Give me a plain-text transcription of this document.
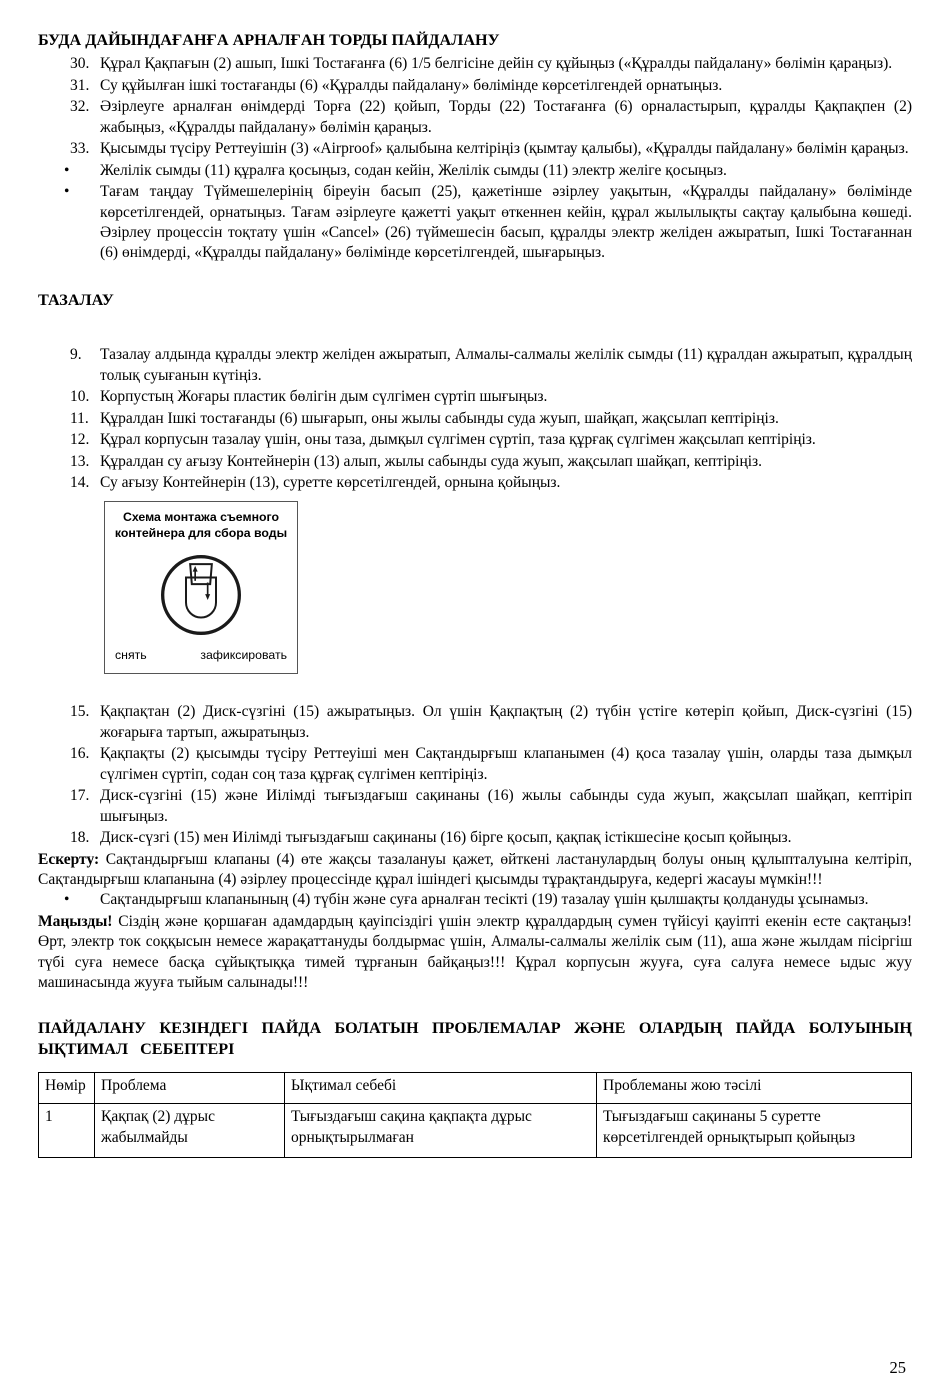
БУДА ДАЙЫНДАҒАНҒА АРНАЛҒАН ТОРДЫ ПАЙДАЛАНУ
30. Құрал Қақпағын (2) ашып, Ішкі Тостағанға (6) 1/5 белгісіне дейін су құйыңыз («Құралды пайдалану» бөлімін қараңыз).
31. Су құйылған ішкі тостағанды (6) «Құралды пайдалану» бөлімінде көрсетілгендей орнатыңыз.
32. Әзірлеуге арналған өнімдерді Торға (22) қойып, Торды (22) Тостағанға (6) орналастырып, құралды Қақпақпен (2) жабыңыз, «Құралды пайдалану» бөлімін қараңыз.
33. Қысымды түсіру Реттеуішін (3) «Airproof» қалыбына келтіріңіз (қымтау қалыбы), «Құралды пайдалану» бөлімін қараңыз.
•	Желілік сымды (11) құралға қосыңыз, содан кейін, Желілік сымды (11) электр желіге қосыңыз.
•	Тағам таңдау Түймешелерінің біреуін басып (25), қажетінше әзірлеу уақытын, «Құралды пайдалану» бөлімінде көрсетілгендей, орнатыңыз. Тағам әзірлеуге қажетті уақыт өткеннен кейін, құрал жылылықты сақтау қалыбына көшеді. Әзірлеу процессін тоқтату үшін «Cancel» (26) түймешесін басып, құралды электр желіден ажыратып, Ішкі Тостағаннан (6) өнімдерді, «Құралды пайдалану» бөлімінде көрсетілгендей, шығарыңыз.
ТАЗАЛАУ
9.	Тазалау алдында құралды электр желіден ажыратып, Алмалы-салмалы желілік сымды (11) құралдан ажыратып, құралдың толық суығанын күтіңіз.
10. Корпустың Жоғары пластик бөлігін дым сүлгімен сүртіп шығыңыз.
11. Құралдан Ішкі тостағанды (6) шығарып, оны жылы сабынды суда жуып, шайқап, жақсылап кептіріңіз.
12. Құрал корпусын тазалау үшін, оны таза, дымқыл сүлгімен сүртіп, таза құрғақ сүлгімен жақсылап кептіріңіз.
13. Құралдан су ағызу Контейнерін (13) алып, жылы сабынды суда жуып, жақсылап шайқап, кептіріңіз.
14. Су ағызу Контейнерін (13), суретте көрсетілгендей, орнына қойыңыз.
Схема монтажа съемного контейнера для сбора воды
снять	зафиксировать
15. Қақпақтан (2) Диск-сүзгіні (15) ажыратыңыз. Ол үшін Қақпақтың (2) түбін үстіге көтеріп қойып, Диск-сүзгіні (15) жоғарыға тартып, ажыратыңыз.
16. Қақпақты (2) қысымды түсіру Реттеуіші мен Сақтандырғыш клапанымен (4) қоса тазалау үшін, оларды таза дымқыл сүлгімен сүртіп, содан соң таза құрғақ сүлгімен кептіріңіз.
17. Диск-сүзгіні (15) және Иілімді тығыздағыш сақинаны (16) жылы сабынды суда жуып, жақсылап шайқап, кептіріп шығыңыз.
18. Диск-сүзгі (15) мен Иілімді тығыздағыш сақинаны (16) бірге қосып, қақпақ істікшесіне қосып қойыңыз.

Ескерту: Сақтандырғыш клапаны (4) өте жақсы тазалануы қажет, өйткені ластанулардың болуы оның құлыпталуына келтіріп, Сақтандырғыш клапанына (4) әзірлеу процессінде құрал ішіндегі қысымды тұрақтандыруға, кедергі жасауы мүмкін!!!

•	Сақтандырғыш клапанының (4) түбін және суға арналған тесікті (19) тазалау үшін қылшақты қолдануды ұсынамыз.

Маңызды! Сіздің және қоршаған адамдардың қауіпсіздігі үшін электр құралдардың сумен түйісуі қауіпті екенін есте сақтаңыз! Өрт, электр ток соққысын немесе жарақаттануды болдырмас үшін, Алмалы-салмалы желілік сым (11), аша және жылдам пісіргіш түбі суға немесе басқа сұйықтыққа тимей тұрғанын байқаңыз!!! Құрал корпусын жууға, суға салуға немесе ыдыс жуу машинасында жууға тыйым салынады!!!

ПАЙДАЛАНУ КЕЗІНДЕГІ ПАЙДА БОЛАТЫН ПРОБЛЕМАЛАР ЖӘНЕ ОЛАРДЫҢ ПАЙДА БОЛУЫНЫҢ ЫҚТИМАЛ СЕБЕПТЕРІ
Нөмір	Проблема	Ықтимал себебі	Проблеманы жою тәсілі
1	Қақпақ (2) дұрыс жабылмайды	Тығыздағыш сақина қақпақта дұрыс орнықтырылмаған	Тығыздағыш сақинаны 5 суретте көрсетілгендей орнықтырып қойыңыз
25
